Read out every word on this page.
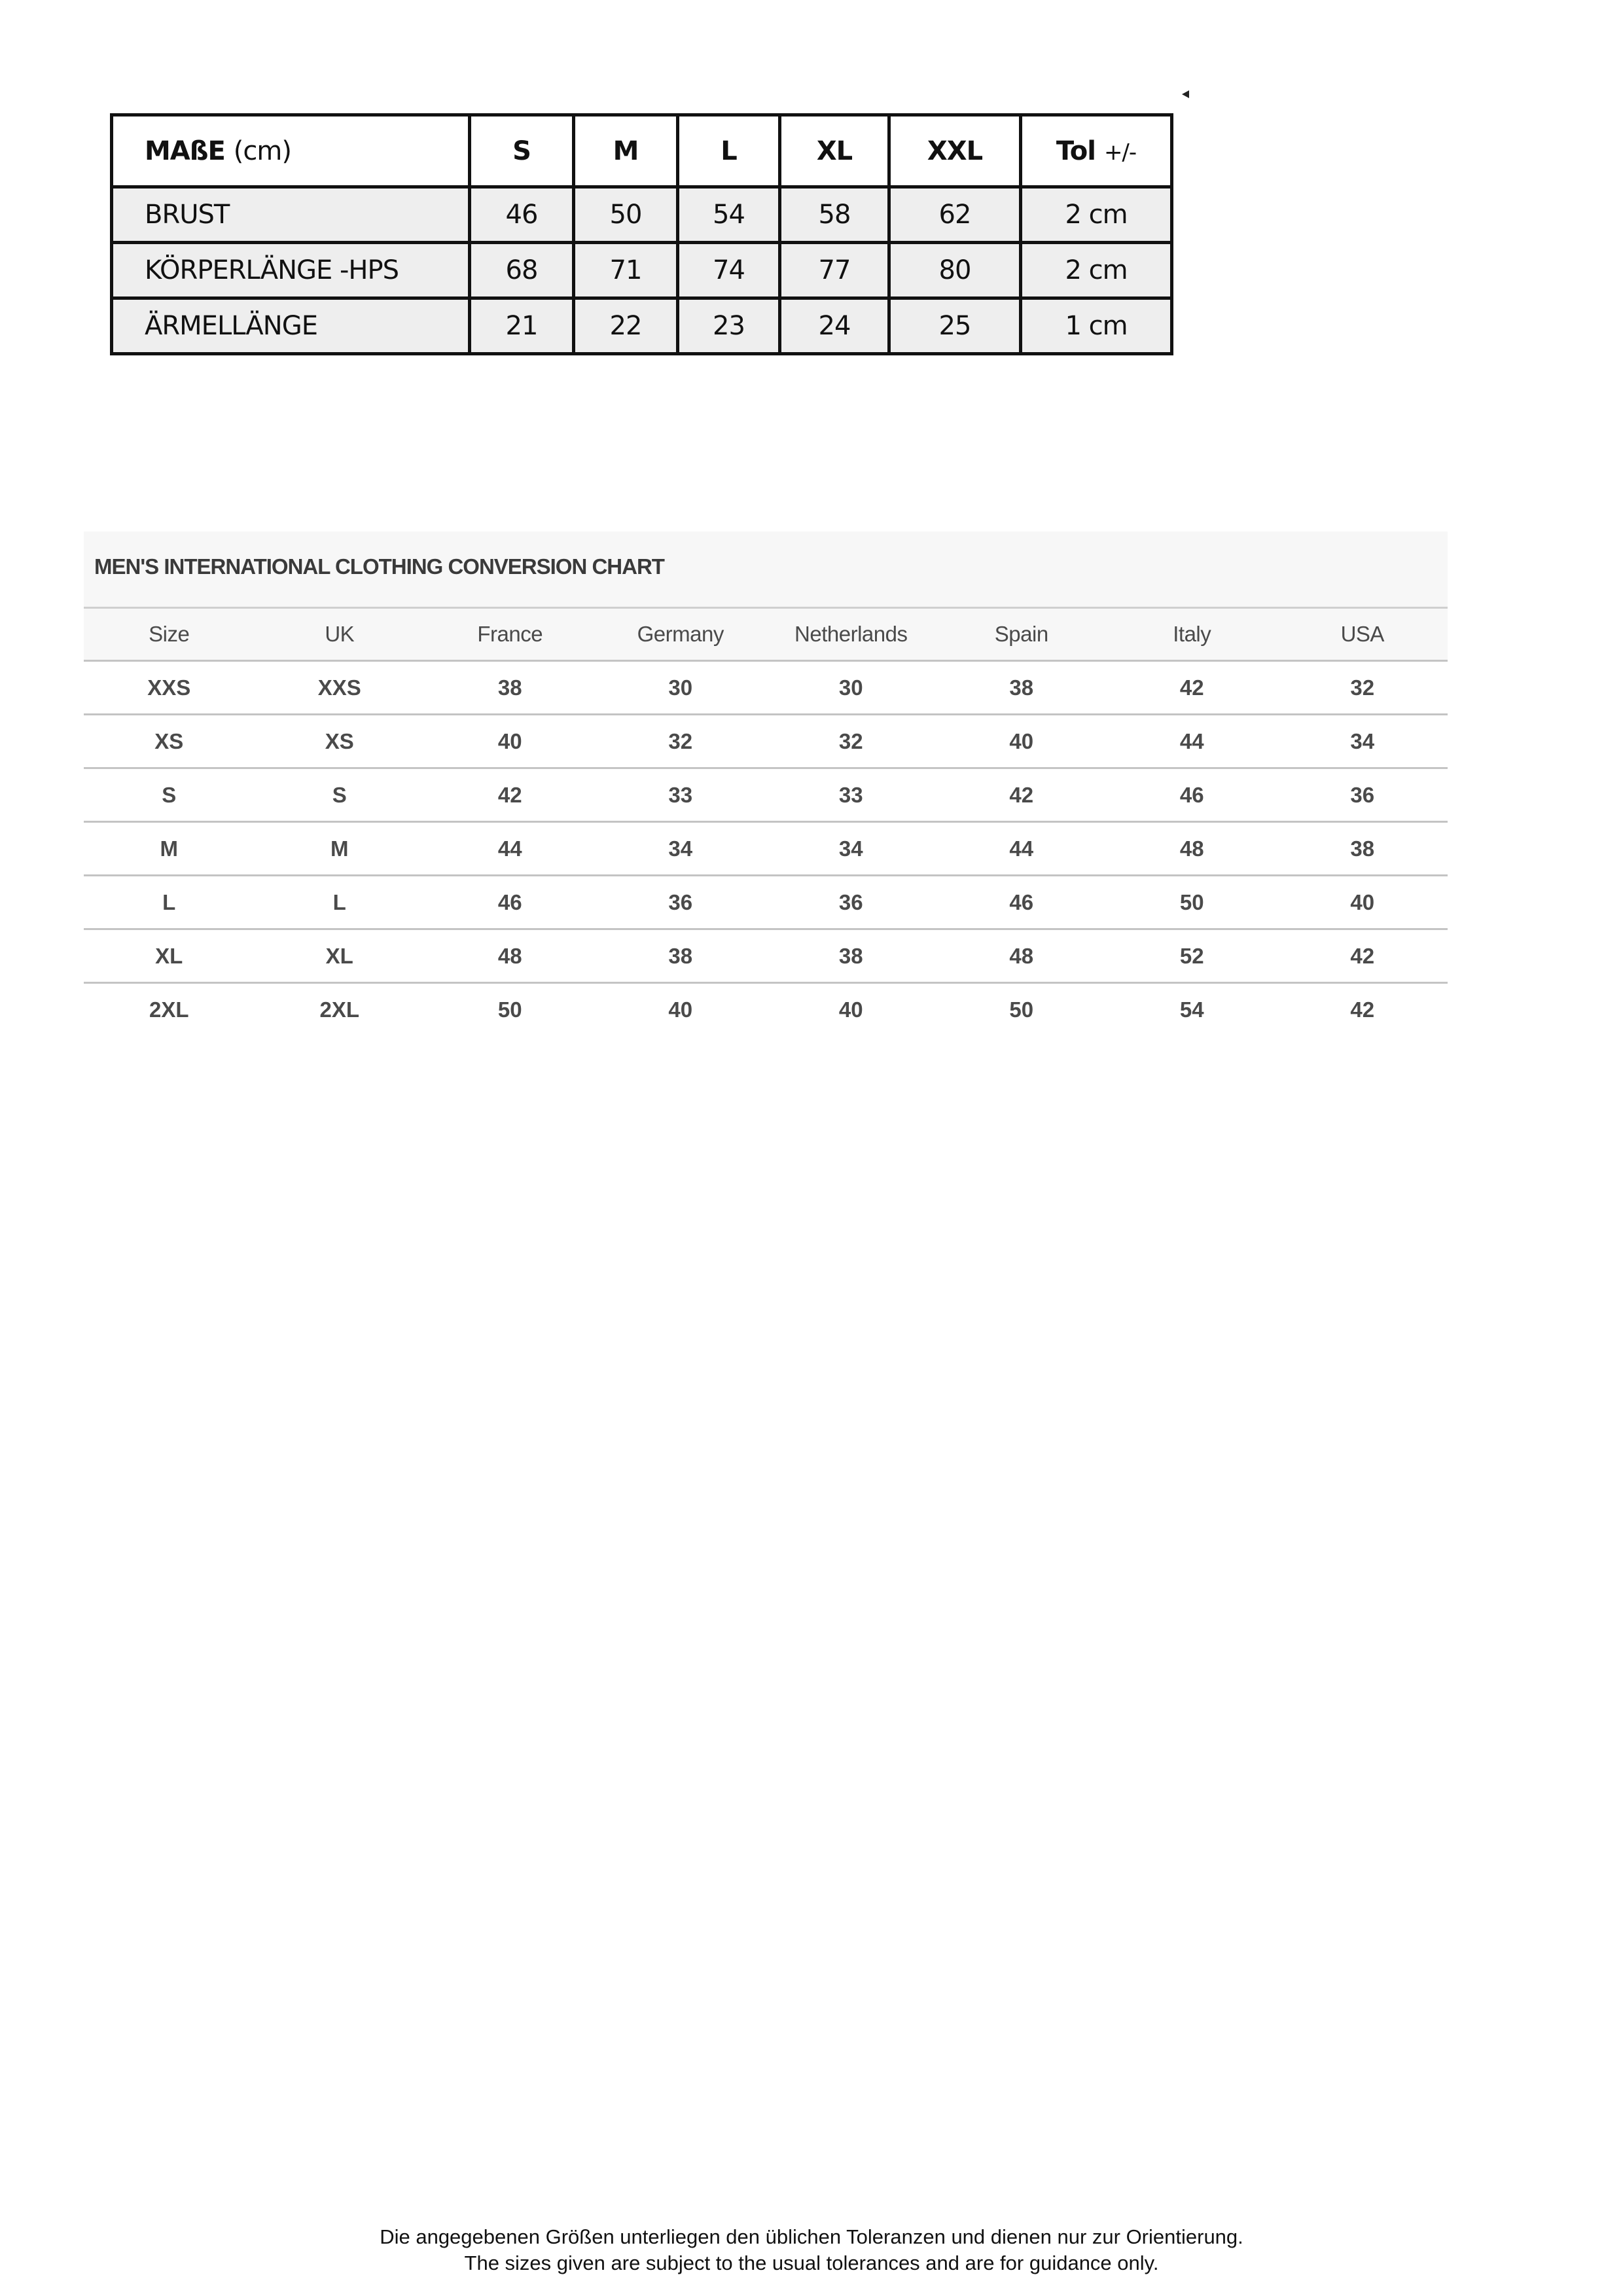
MAßE (cm)	S	M	L	XL	XXL	Tol +/-
BRUST	46	50	54	58	62	2 cm
KÖRPERLÄNGE -HPS	68	71	74	77	80	2 cm
ÄRMELLÄNGE	21	22	23	24	25	1 cm
MEN'S INTERNATIONAL CLOTHING CONVERSION CHART
Size	UK	France	Germany	Netherlands	Spain	Italy	USA
XXS	XXS	38	30	30	38	42	32
XS	XS	40	32	32	40	44	34
S	S	42	33	33	42	46	36
M	M	44	34	34	44	48	38
L	L	46	36	36	46	50	40
XL	XL	48	38	38	48	52	42
2XL	2XL	50	40	40	50	54	42
Die angegebenen Größen unterliegen den üblichen Toleranzen und dienen nur zur Orientierung.
The sizes given are subject to the usual tolerances and are for guidance only.
